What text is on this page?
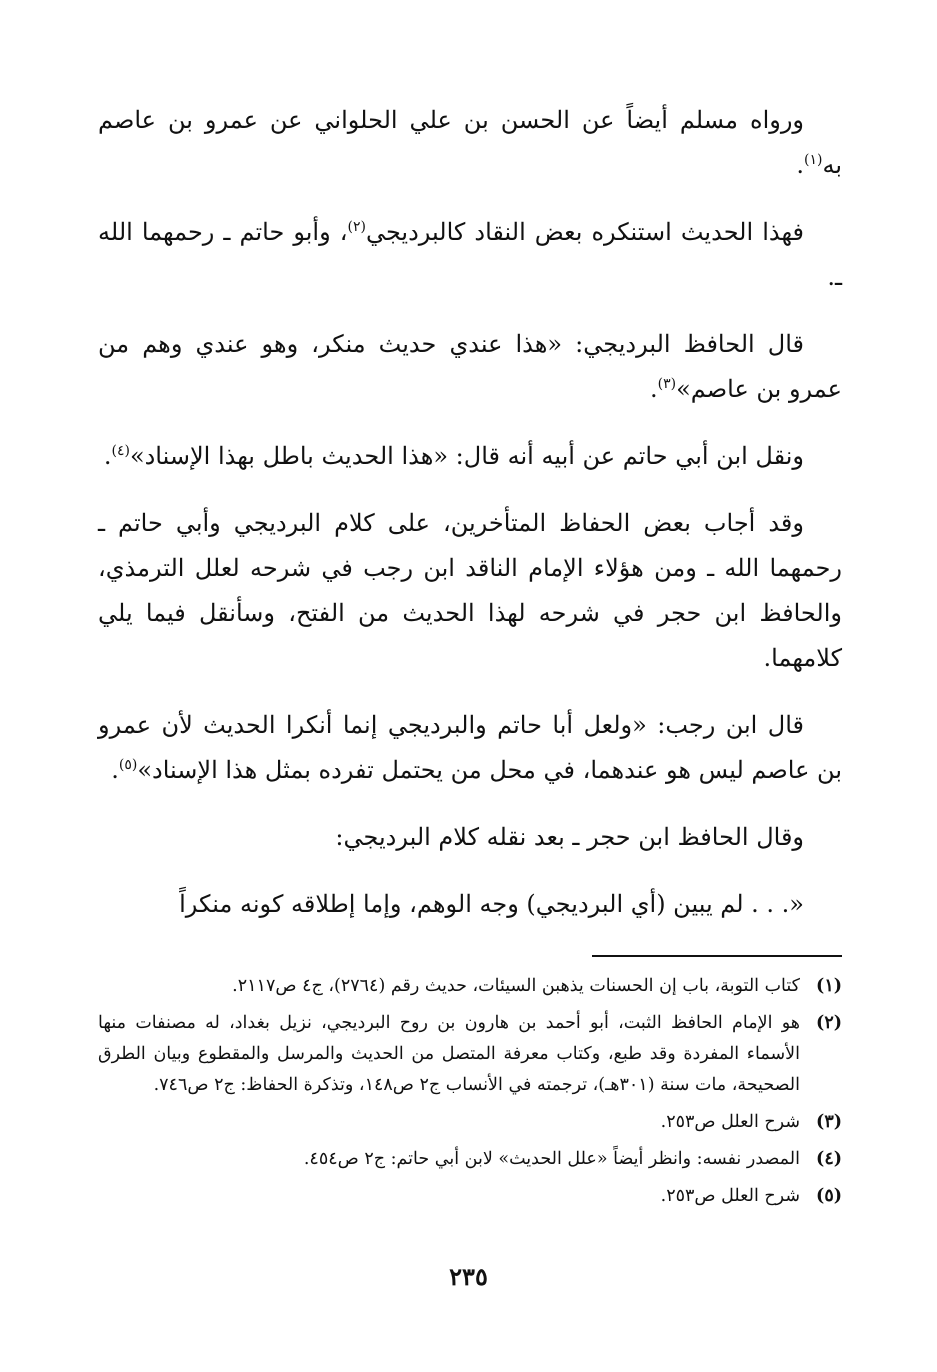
ورواه مسلم أيضاً عن الحسن بن علي الحلواني عن عمرو بن عاصم به$^{(١)}$.

فهذا الحديث استنكره بعض النقاد كالبرديجي$^{(٢)}$، وأبو حاتم ـ رحمهما الله ـ.

قال الحافظ البرديجي: «هذا عندي حديث منكر، وهو عندي وهم من عمرو بن عاصم»$^{(٣)}$.

ونقل ابن أبي حاتم عن أبيه أنه قال: «هذا الحديث باطل بهذا الإسناد»$^{(٤)}$.

وقد أجاب بعض الحفاظ المتأخرين، على كلام البرديجي وأبي حاتم ـ رحمهما الله ـ ومن هؤلاء الإمام الناقد ابن رجب في شرحه لعلل الترمذي، والحافظ ابن حجر في شرحه لهذا الحديث من الفتح، وسأنقل فيما يلي كلامهما.

قال ابن رجب: «ولعل أبا حاتم والبرديجي إنما أنكرا الحديث لأن عمرو بن عاصم ليس هو عندهما، في محل من يحتمل تفرده بمثل هذا الإسناد»$^{(٥)}$.

وقال الحافظ ابن حجر ـ بعد نقله كلام البرديجي:

«. . . لم يبين (أي البرديجي) وجه الوهم، وإما إطلاقه كونه منكراً

(١)
كتاب التوبة، باب إن الحسنات يذهبن السيئات، حديث رقم (٢٧٦٤)، ج٤ ص٢١١٧.
(٢)
هو الإمام الحافظ الثبت، أبو أحمد بن هارون بن روح البرديجي، نزيل بغداد، له مصنفات منها الأسماء المفردة وقد طبع، وكتاب معرفة المتصل من الحديث والمرسل والمقطوع وبيان الطرق الصحيحة، مات سنة (٣٠١هـ)، ترجمته في الأنساب ج٢ ص١٤٨، وتذكرة الحفاظ: ج٢ ص٧٤٦.
(٣)
شرح العلل ص٢٥٣.
(٤)
المصدر نفسه: وانظر أيضاً «علل الحديث» لابن أبي حاتم: ج٢ ص٤٥٤.
(٥)
شرح العلل ص٢٥٣.
٢٣٥
